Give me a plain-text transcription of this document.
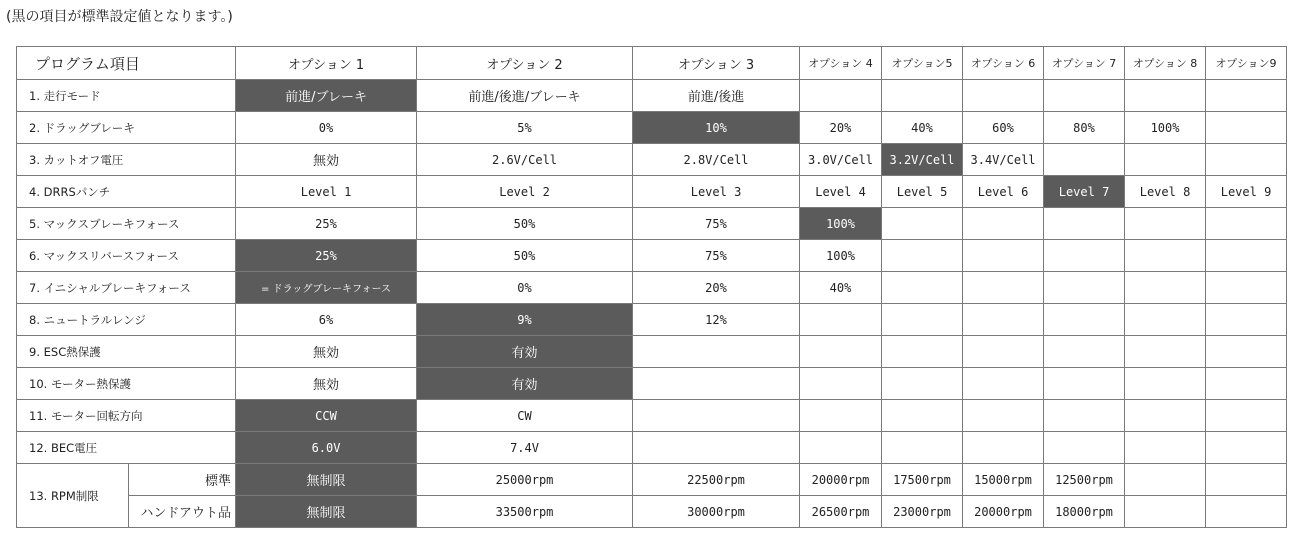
(黒の項目が標準設定値となります。)
プログラム項目		オプション 1	オプション 2	オプション 3	オプション 4	オプション5	オプション 6	オプション 7	オプション 8	オプション9
1. 走行モード		前進/ブレーキ	前進/後進/ブレーキ	前進/後進						
2. ドラッグブレーキ		0%	5%	10%	20%	40%	60%	80%	100%	
3. カットオフ電圧		無効	2.6V/Cell	2.8V/Cell	3.0V/Cell	3.2V/Cell	3.4V/Cell			
4. DRRSパンチ		Level 1	Level 2	Level 3	Level 4	Level 5	Level 6	Level 7	Level 8	Level 9
5. マックスブレーキフォース		25%	50%	75%	100%					
6. マックスリバースフォース		25%	50%	75%	100%					
7. イニシャルブレーキフォース		= ドラッグブレーキフォース	0%	20%	40%					
8. ニュートラルレンジ		6%	9%	12%						
9. ESC熱保護		無効	有効							
10. モーター熱保護		無効	有効							
11. モーター回転方向		CCW	CW							
12. BEC電圧		6.0V	7.4V							
13. RPM制限	標準	無制限	25000rpm	22500rpm	20000rpm	17500rpm	15000rpm	12500rpm		
	ハンドアウト品	無制限	33500rpm	30000rpm	26500rpm	23000rpm	20000rpm	18000rpm		
